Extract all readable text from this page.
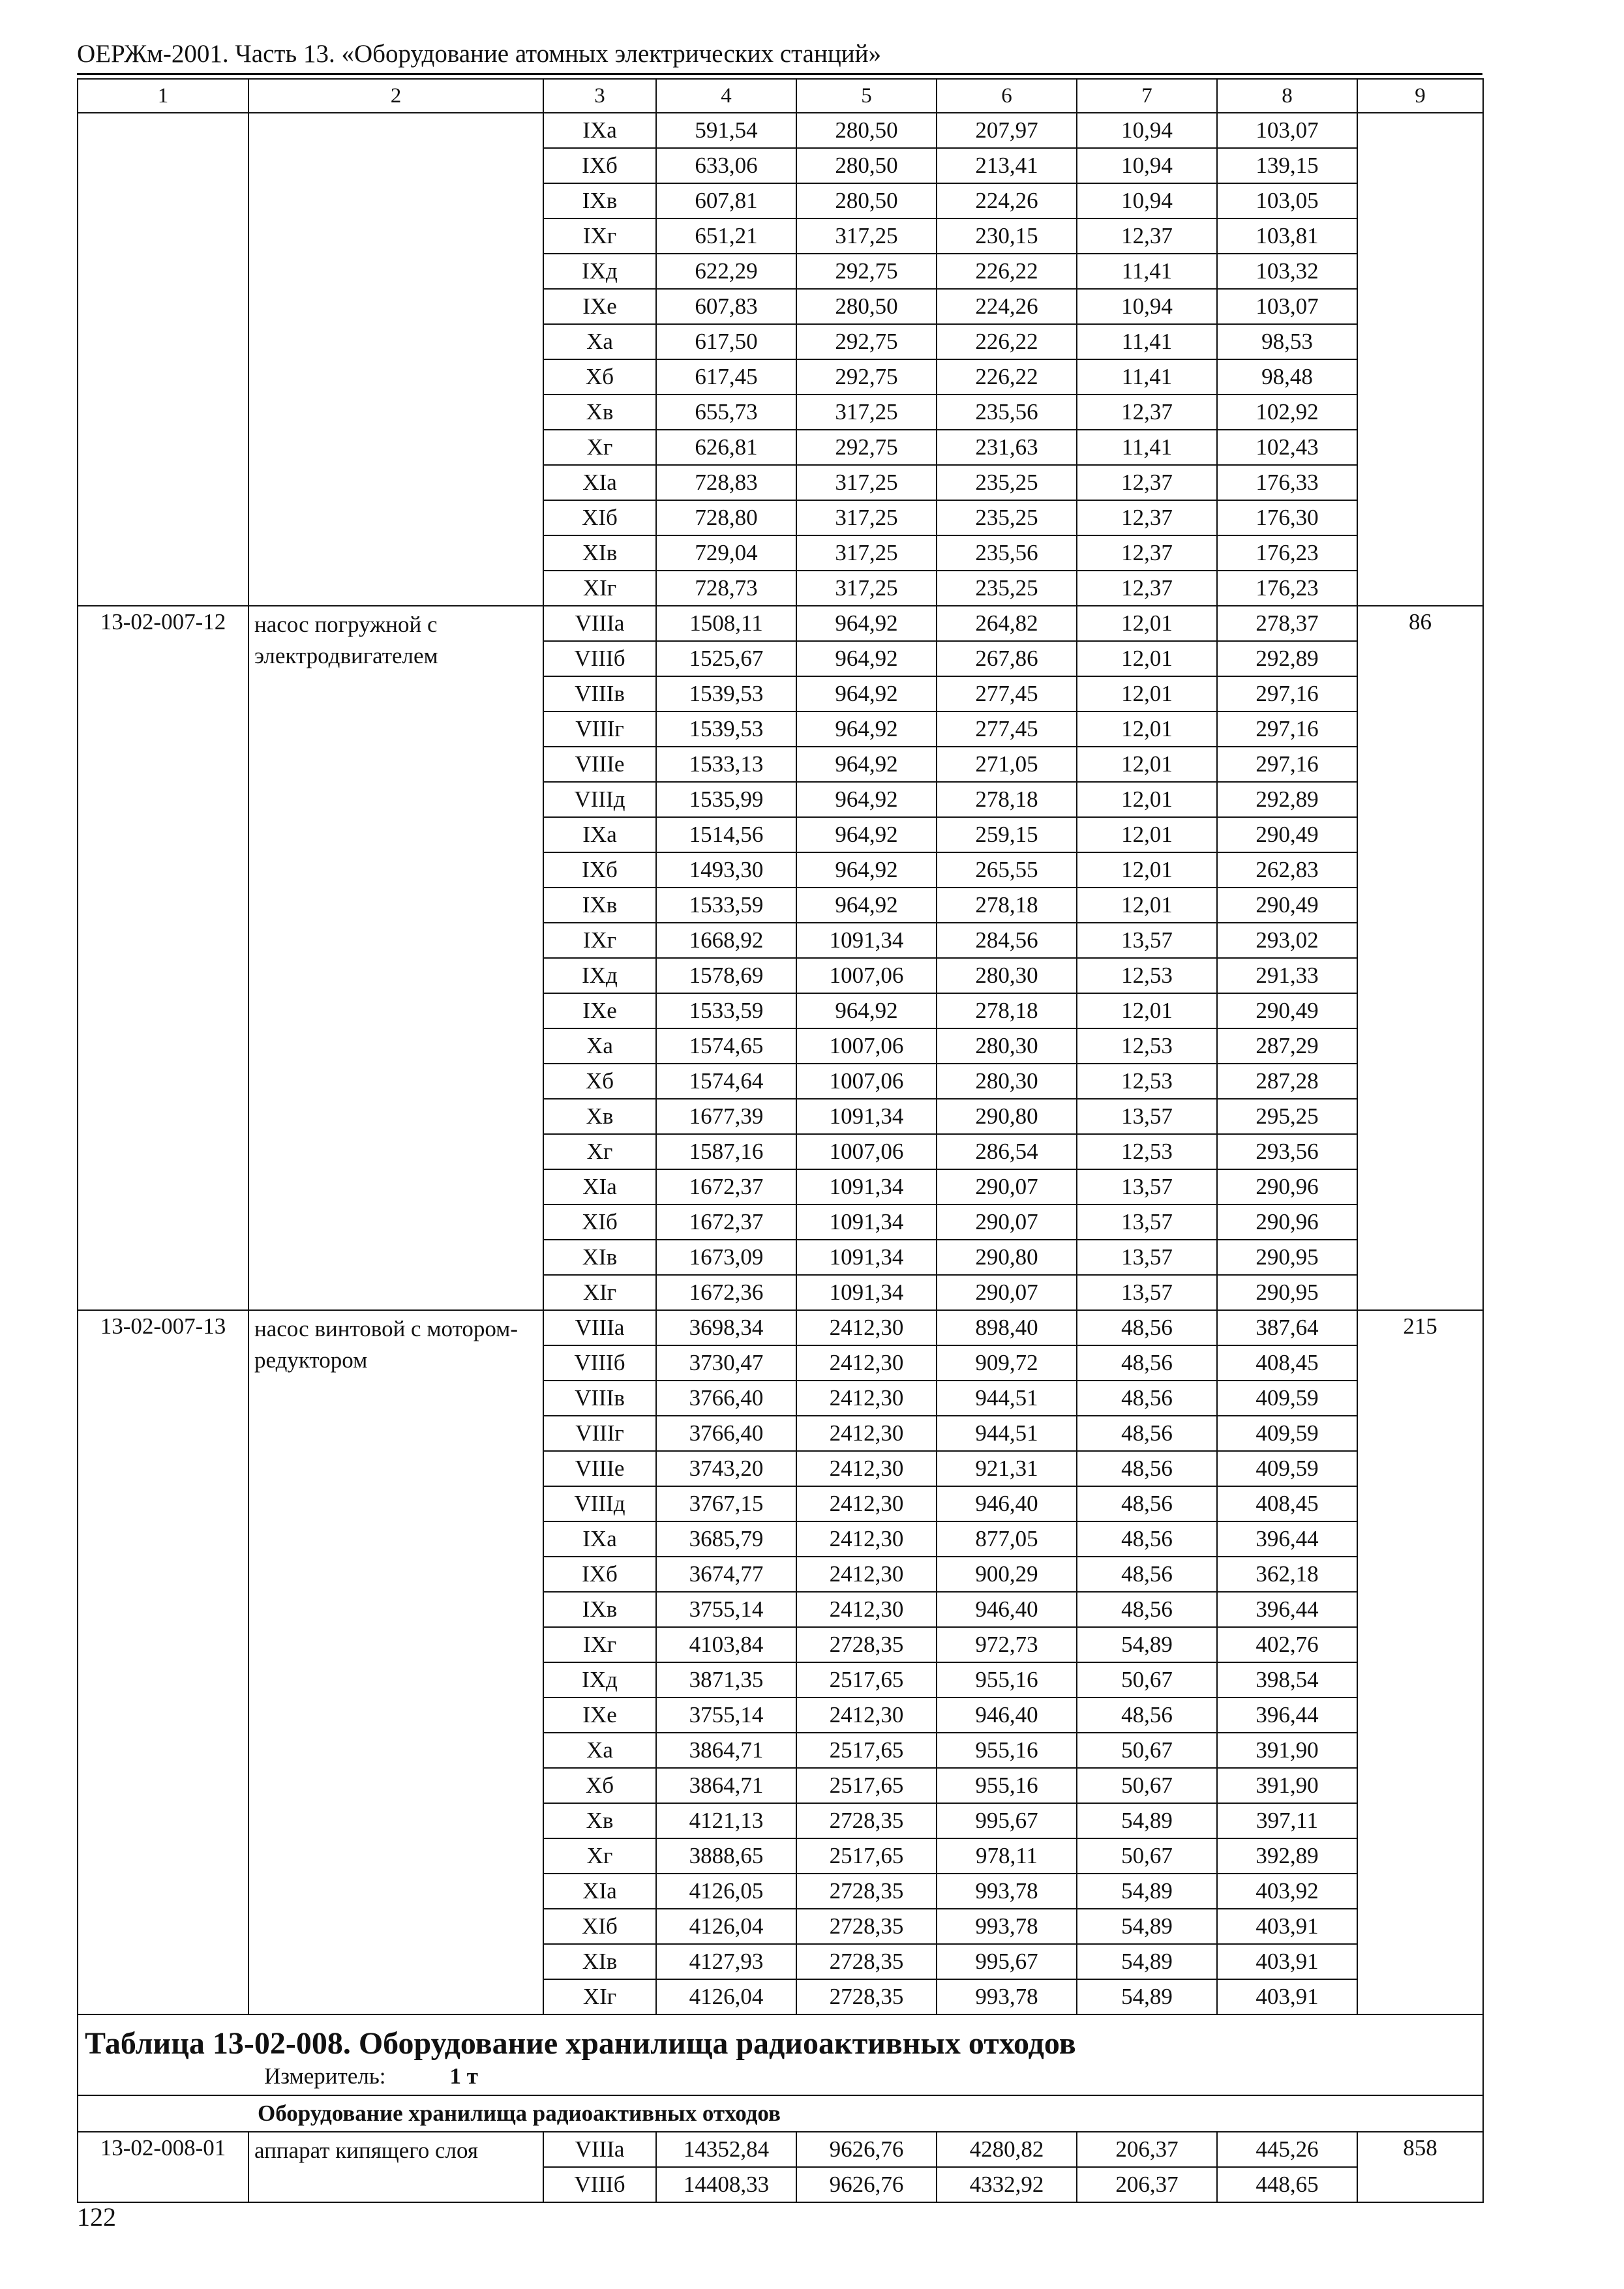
ОЕРЖм-2001. Часть 13. «Оборудование атомных электрических станций»
1	2	3	4	5	6	7	8	9
		IXа	591,54	280,50	207,97	10,94	103,07	
		IXб	633,06	280,50	213,41	10,94	139,15	
		IXв	607,81	280,50	224,26	10,94	103,05	
		IXг	651,21	317,25	230,15	12,37	103,81	
		IXд	622,29	292,75	226,22	11,41	103,32	
		IXе	607,83	280,50	224,26	10,94	103,07	
		Xа	617,50	292,75	226,22	11,41	98,53	
		Xб	617,45	292,75	226,22	11,41	98,48	
		Xв	655,73	317,25	235,56	12,37	102,92	
		Xг	626,81	292,75	231,63	11,41	102,43	
		XIа	728,83	317,25	235,25	12,37	176,33	
		XIб	728,80	317,25	235,25	12,37	176,30	
		XIв	729,04	317,25	235,56	12,37	176,23	
		XIг	728,73	317,25	235,25	12,37	176,23	
13-02-007-12	насос погружной с электродвигателем	VIIIа	1508,11	964,92	264,82	12,01	278,37	86
		VIIIб	1525,67	964,92	267,86	12,01	292,89	
		VIIIв	1539,53	964,92	277,45	12,01	297,16	
		VIIIг	1539,53	964,92	277,45	12,01	297,16	
		VIIIе	1533,13	964,92	271,05	12,01	297,16	
		VIIIд	1535,99	964,92	278,18	12,01	292,89	
		IXа	1514,56	964,92	259,15	12,01	290,49	
		IXб	1493,30	964,92	265,55	12,01	262,83	
		IXв	1533,59	964,92	278,18	12,01	290,49	
		IXг	1668,92	1091,34	284,56	13,57	293,02	
		IXд	1578,69	1007,06	280,30	12,53	291,33	
		IXе	1533,59	964,92	278,18	12,01	290,49	
		Xа	1574,65	1007,06	280,30	12,53	287,29	
		Xб	1574,64	1007,06	280,30	12,53	287,28	
		Xв	1677,39	1091,34	290,80	13,57	295,25	
		Xг	1587,16	1007,06	286,54	12,53	293,56	
		XIа	1672,37	1091,34	290,07	13,57	290,96	
		XIб	1672,37	1091,34	290,07	13,57	290,96	
		XIв	1673,09	1091,34	290,80	13,57	290,95	
		XIг	1672,36	1091,34	290,07	13,57	290,95	
13-02-007-13	насос винтовой с мотором-редуктором	VIIIа	3698,34	2412,30	898,40	48,56	387,64	215
		VIIIб	3730,47	2412,30	909,72	48,56	408,45	
		VIIIв	3766,40	2412,30	944,51	48,56	409,59	
		VIIIг	3766,40	2412,30	944,51	48,56	409,59	
		VIIIе	3743,20	2412,30	921,31	48,56	409,59	
		VIIIд	3767,15	2412,30	946,40	48,56	408,45	
		IXа	3685,79	2412,30	877,05	48,56	396,44	
		IXб	3674,77	2412,30	900,29	48,56	362,18	
		IXв	3755,14	2412,30	946,40	48,56	396,44	
		IXг	4103,84	2728,35	972,73	54,89	402,76	
		IXд	3871,35	2517,65	955,16	50,67	398,54	
		IXе	3755,14	2412,30	946,40	48,56	396,44	
		Xа	3864,71	2517,65	955,16	50,67	391,90	
		Xб	3864,71	2517,65	955,16	50,67	391,90	
		Xв	4121,13	2728,35	995,67	54,89	397,11	
		Xг	3888,65	2517,65	978,11	50,67	392,89	
		XIа	4126,05	2728,35	993,78	54,89	403,92	
		XIб	4126,04	2728,35	993,78	54,89	403,91	
		XIв	4127,93	2728,35	995,67	54,89	403,91	
		XIг	4126,04	2728,35	993,78	54,89	403,91	

Таблица 13-02-008. Оборудование хранилища радиоактивных отходов
Измеритель: 1 т								

Оборудование хранилища радиоактивных отходов								
13-02-008-01	аппарат кипящего слоя	VIIIа	14352,84	9626,76	4280,82	206,37	445,26	858
		VIIIб	14408,33	9626,76	4332,92	206,37	448,65	
122
